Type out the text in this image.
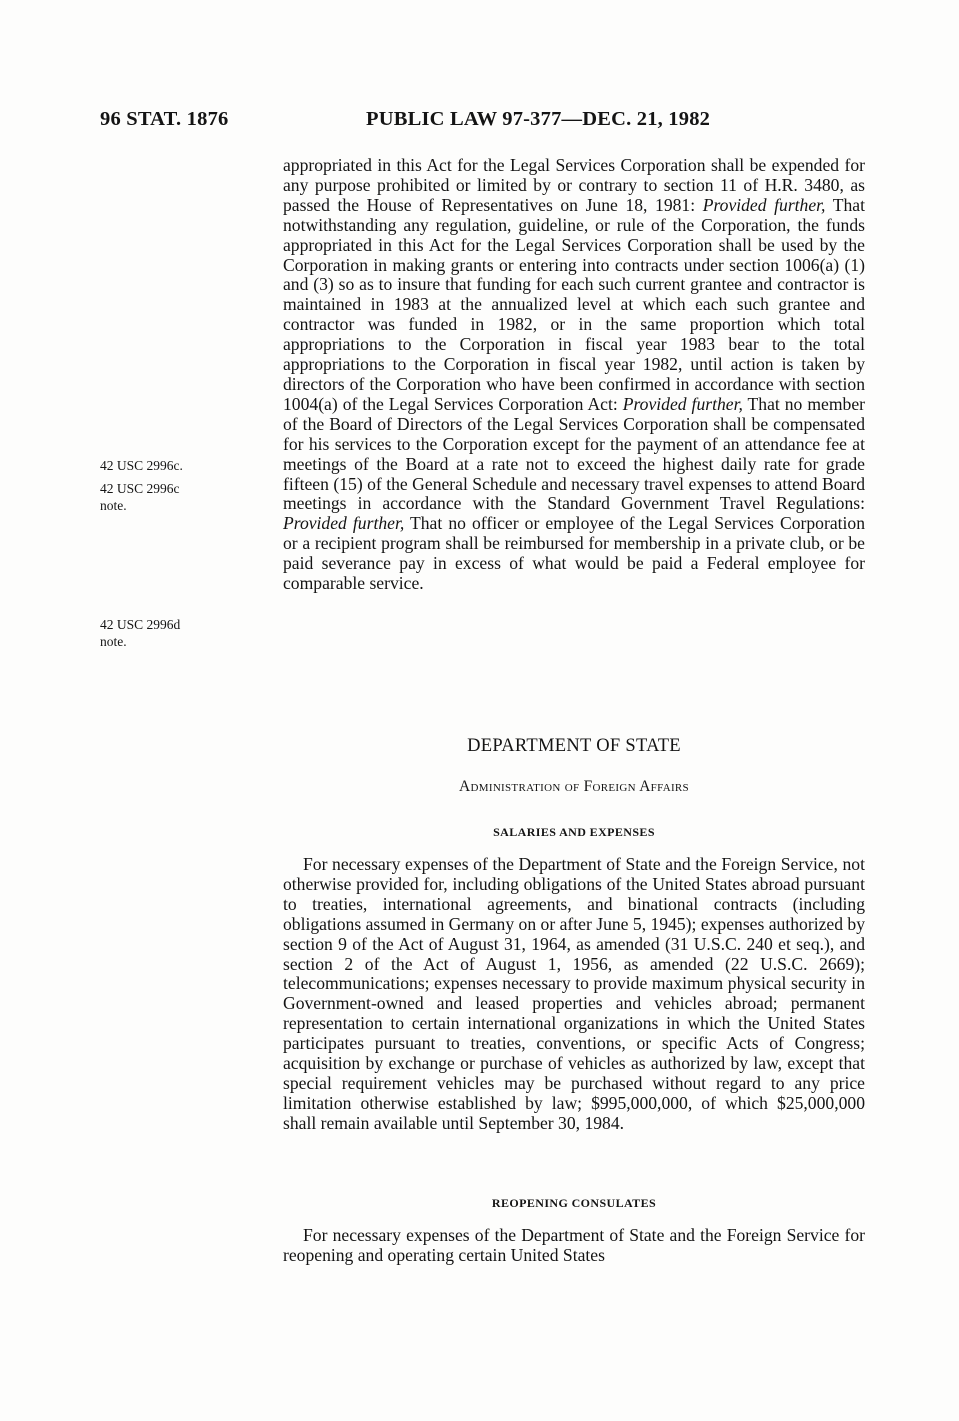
96 STAT. 1876	PUBLIC LAW 97-377—DEC. 21, 1982
42 USC 2996c.
42 USC 2996c
note.
42 USC 2996d
note.

appropriated in this Act for the Legal Services Corporation shall be expended for any purpose prohibited or limited by or contrary to section 11 of H.R. 3480, as passed the House of Representatives on June 18, 1981: Provided further, That notwithstanding any regulation, guideline, or rule of the Corporation, the funds appropriated in this Act for the Legal Services Corporation shall be used by the Corporation in making grants or entering into contracts under section 1006(a) (1) and (3) so as to insure that funding for each such current grantee and contractor is maintained in 1983 at the annualized level at which each such grantee and contractor was funded in 1982, or in the same proportion which total appropriations to the Corporation in fiscal year 1983 bear to the total appropriations to the Corporation in fiscal year 1982, until action is taken by directors of the Corporation who have been confirmed in accordance with section 1004(a) of the Legal Services Corporation Act: Provided further, That no member of the Board of Directors of the Legal Services Corporation shall be compensated for his services to the Corporation except for the payment of an attendance fee at meetings of the Board at a rate not to exceed the highest daily rate for grade fifteen (15) of the General Schedule and necessary travel expenses to attend Board meetings in accordance with the Standard Government Travel Regulations: Provided further, That no officer or employee of the Legal Services Corporation or a recipient program shall be reimbursed for membership in a private club, or be paid severance pay in excess of what would be paid a Federal employee for comparable service.

DEPARTMENT OF STATE
Administration of Foreign Affairs
SALARIES AND EXPENSES

For necessary expenses of the Department of State and the Foreign Service, not otherwise provided for, including obligations of the United States abroad pursuant to treaties, international agreements, and binational contracts (including obligations assumed in Germany on or after June 5, 1945); expenses authorized by section 9 of the Act of August 31, 1964, as amended (31 U.S.C. 240 et seq.), and section 2 of the Act of August 1, 1956, as amended (22 U.S.C. 2669); telecommunications; expenses necessary to provide maximum physical security in Government-owned and leased properties and vehicles abroad; permanent representation to certain international organizations in which the United States participates pursuant to treaties, conventions, or specific Acts of Congress; acquisition by exchange or purchase of vehicles as authorized by law, except that special requirement vehicles may be purchased without regard to any price limitation otherwise established by law; $995,000,000, of which $25,000,000 shall remain available until September 30, 1984.

REOPENING CONSULATES

For necessary expenses of the Department of State and the Foreign Service for reopening and operating certain United States
